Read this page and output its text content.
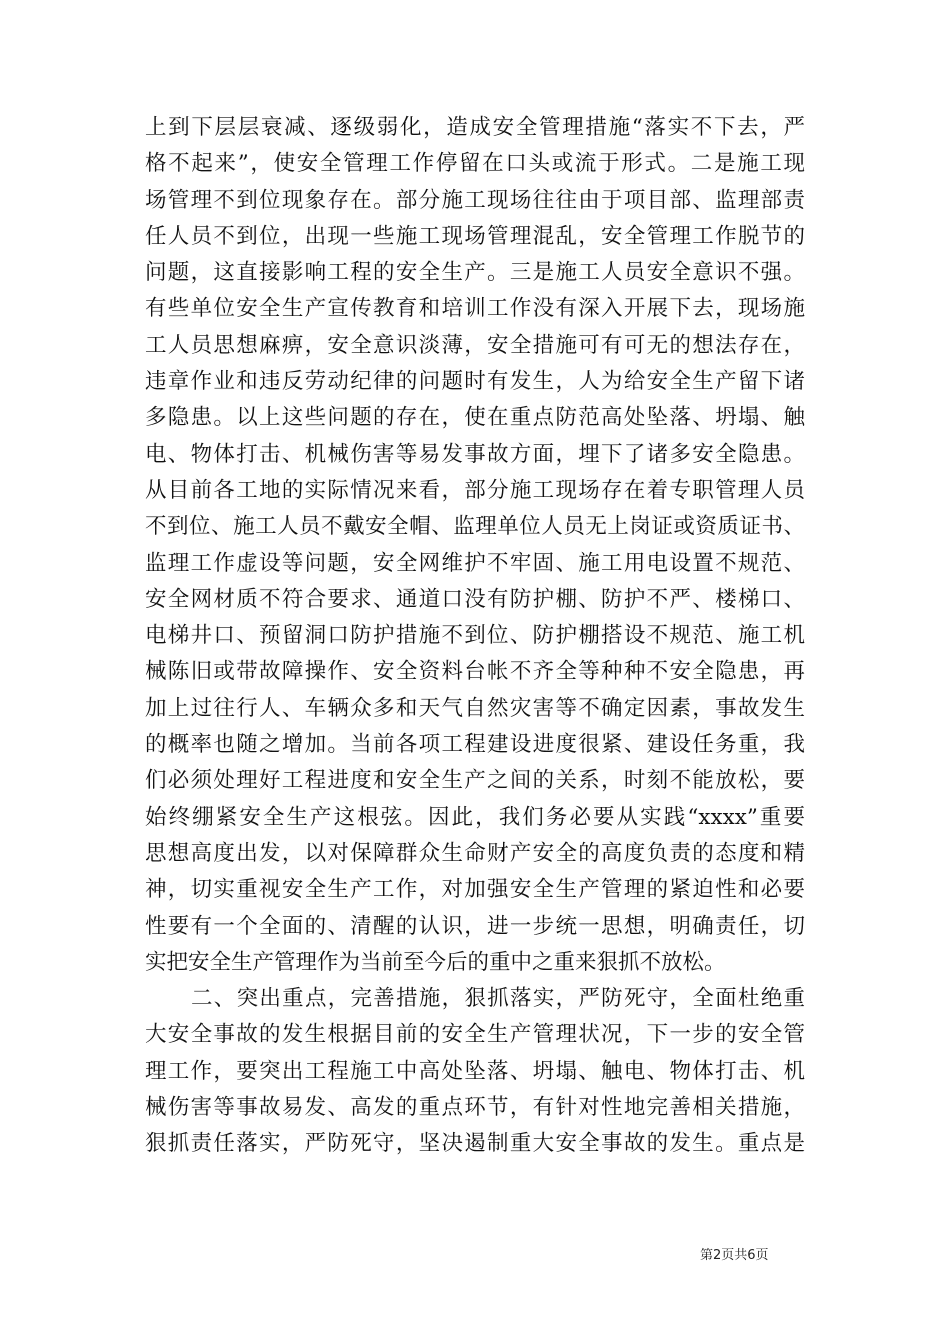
上到下层层衰减、逐级弱化，造成安全管理措施“落实不下去，严
格不起来”，使安全管理工作停留在口头或流于形式。二是施工现
场管理不到位现象存在。部分施工现场往往由于项目部、监理部责
任人员不到位，出现一些施工现场管理混乱，安全管理工作脱节的
问题，这直接影响工程的安全生产。三是施工人员安全意识不强。
有些单位安全生产宣传教育和培训工作没有深入开展下去，现场施
工人员思想麻痹，安全意识淡薄，安全措施可有可无的想法存在，
违章作业和违反劳动纪律的问题时有发生，人为给安全生产留下诸
多隐患。以上这些问题的存在，使在重点防范高处坠落、坍塌、触
电、物体打击、机械伤害等易发事故方面，埋下了诸多安全隐患。
从目前各工地的实际情况来看，部分施工现场存在着专职管理人员
不到位、施工人员不戴安全帽、监理单位人员无上岗证或资质证书、
监理工作虚设等问题，安全网维护不牢固、施工用电设置不规范、
安全网材质不符合要求、通道口没有防护棚、防护不严、楼梯口、
电梯井口、预留洞口防护措施不到位、防护棚搭设不规范、施工机
械陈旧或带故障操作、安全资料台帐不齐全等种种不安全隐患，再
加上过往行人、车辆众多和天气自然灾害等不确定因素，事故发生
的概率也随之增加。当前各项工程建设进度很紧、建设任务重，我
们必须处理好工程进度和安全生产之间的关系，时刻不能放松，要
始终绷紧安全生产这根弦。因此，我们务必要从实践“xxxx”重要
思想高度出发，以对保障群众生命财产安全的高度负责的态度和精
神，切实重视安全生产工作，对加强安全生产管理的紧迫性和必要
性要有一个全面的、清醒的认识，进一步统一思想，明确责任，切
实把安全生产管理作为当前至今后的重中之重来狠抓不放松。
二、突出重点，完善措施，狠抓落实，严防死守，全面杜绝重
大安全事故的发生根据目前的安全生产管理状况，下一步的安全管
理工作，要突出工程施工中高处坠落、坍塌、触电、物体打击、机
械伤害等事故易发、高发的重点环节，有针对性地完善相关措施，
狠抓责任落实，严防死守，坚决遏制重大安全事故的发生。重点是
第2页共6页
